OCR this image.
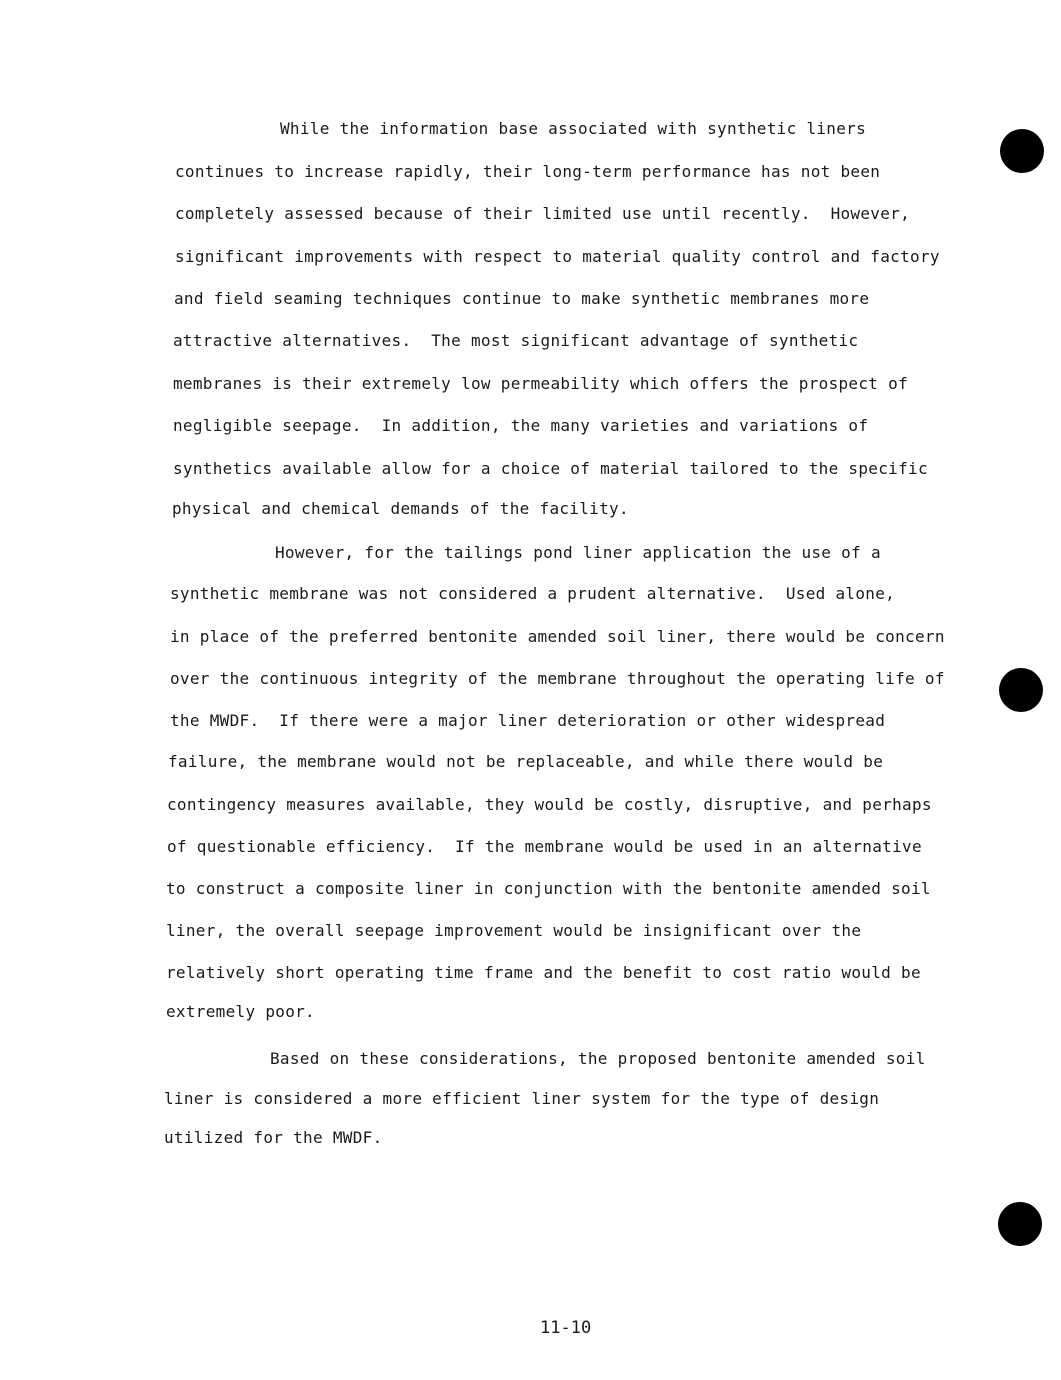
While the information base associated with synthetic liners
continues to increase rapidly, their long-term performance has not been
completely assessed because of their limited use until recently.  However,
significant improvements with respect to material quality control and factory
and field seaming techniques continue to make synthetic membranes more
attractive alternatives.  The most significant advantage of synthetic
membranes is their extremely low permeability which offers the prospect of
negligible seepage.  In addition, the many varieties and variations of
synthetics available allow for a choice of material tailored to the specific
physical and chemical demands of the facility.
However, for the tailings pond liner application the use of a
synthetic membrane was not considered a prudent alternative.  Used alone,
in place of the preferred bentonite amended soil liner, there would be concern
over the continuous integrity of the membrane throughout the operating life of
the MWDF.  If there were a major liner deterioration or other widespread
failure, the membrane would not be replaceable, and while there would be
contingency measures available, they would be costly, disruptive, and perhaps
of questionable efficiency.  If the membrane would be used in an alternative
to construct a composite liner in conjunction with the bentonite amended soil
liner, the overall seepage improvement would be insignificant over the
relatively short operating time frame and the benefit to cost ratio would be
extremely poor.
Based on these considerations, the proposed bentonite amended soil
liner is considered a more efficient liner system for the type of design
utilized for the MWDF.
11-10
